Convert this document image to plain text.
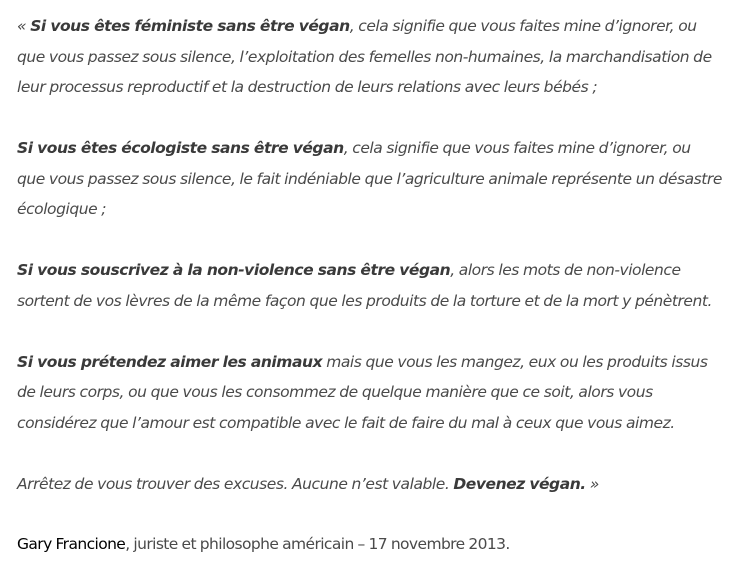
« Si vous êtes féministe sans être végan, cela signifie que vous faites mine d’ignorer, ou que vous passez sous silence, l’exploitation des femelles non-humaines, la marchandisation de leur processus reproductif et la destruction de leurs relations avec leurs bébés ;

Si vous êtes écologiste sans être végan, cela signifie que vous faites mine d’ignorer, ou que vous passez sous silence, le fait indéniable que l’agriculture animale représente un désastre écologique ;

Si vous souscrivez à la non-violence sans être végan, alors les mots de non-violence sortent de vos lèvres de la même façon que les produits de la torture et de la mort y pénètrent.

Si vous prétendez aimer les animaux mais que vous les mangez, eux ou les produits issus de leurs corps, ou que vous les consommez de quelque manière que ce soit, alors vous considérez que l’amour est compatible avec le fait de faire du mal à ceux que vous aimez.

Arrêtez de vous trouver des excuses. Aucune n’est valable. Devenez végan. »

Gary Francione, juriste et philosophe américain – 17 novembre 2013.
